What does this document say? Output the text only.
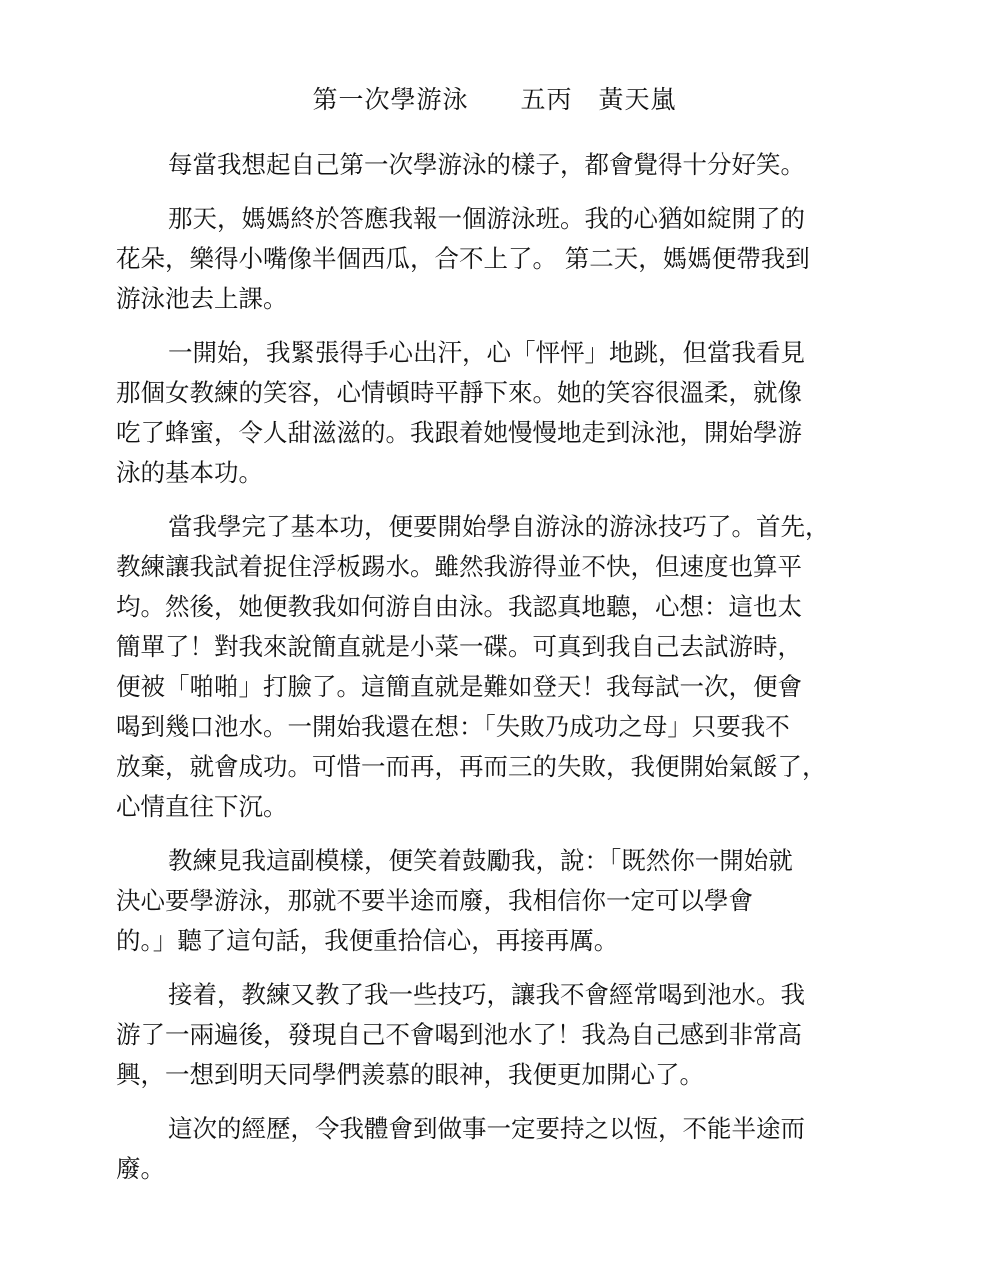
第一次學游泳　　五丙　黃天嵐

每當我想起自己第一次學游泳的樣子，都會覺得十分好笑。

那天，媽媽終於答應我報一個游泳班。我的心猶如綻開了的
花朵，樂得小嘴像半個西瓜，合不上了。 第二天，媽媽便帶我到
游泳池去上課。

一開始，我緊張得手心出汗，心「怦怦」地跳，但當我看見
那個女教練的笑容，心情頓時平靜下來。她的笑容很溫柔，就像
吃了蜂蜜，令人甜滋滋的。我跟着她慢慢地走到泳池，開始學游
泳的基本功。

當我學完了基本功，便要開始學自游泳的游泳技巧了。首先，
教練讓我試着捉住浮板踢水。雖然我游得並不快，但速度也算平
均。然後，她便教我如何游自由泳。我認真地聽，心想：這也太
簡單了！對我來說簡直就是小菜一碟。可真到我自己去試游時，
便被「啪啪」打臉了。這簡直就是難如登天！我每試一次，便會
喝到幾口池水。一開始我還在想：「失敗乃成功之母」只要我不
放棄，就會成功。可惜一而再，再而三的失敗，我便開始氣餒了，
心情直往下沉。

教練見我這副模樣，便笑着鼓勵我，說：「既然你一開始就
決心要學游泳，那就不要半途而廢，我相信你一定可以學會
的。」聽了這句話，我便重拾信心，再接再厲。

接着，教練又教了我一些技巧，讓我不會經常喝到池水。我
游了一兩遍後，發現自己不會喝到池水了！我為自己感到非常高
興，一想到明天同學們羨慕的眼神，我便更加開心了。

這次的經歷，令我體會到做事一定要持之以恆，不能半途而
廢。
